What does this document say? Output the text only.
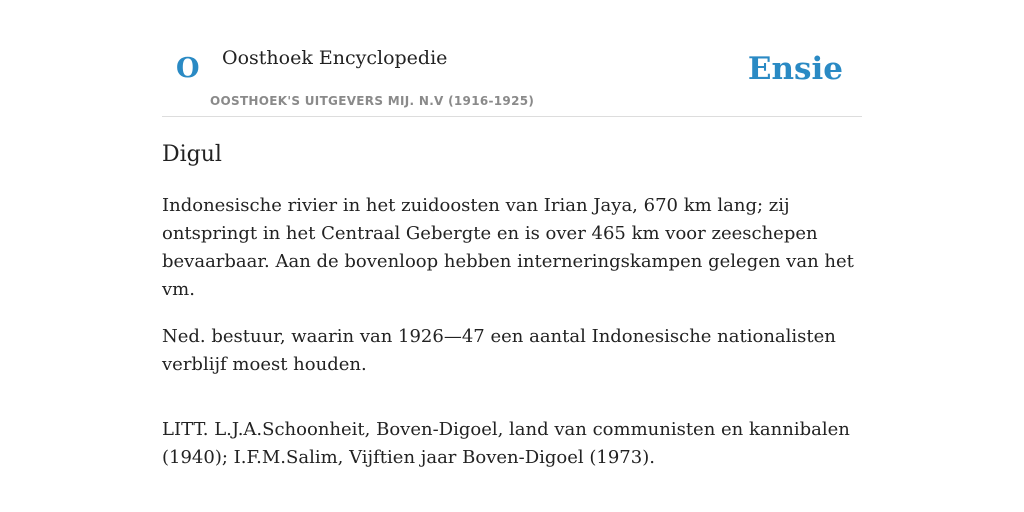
O Oosthoek Encyclopedie
OOSTHOEK'S UITGEVERS MIJ. N.V (1916-1925)
Ensie
Digul

Indonesische rivier in het zuidoosten van Irian Jaya, 670 km lang; zij ontspringt in het Centraal Gebergte en is over 465 km voor zeeschepen bevaarbaar. Aan de bovenloop hebben interneringskampen gelegen van het vm.

Ned. bestuur, waarin van 1926—47 een aantal Indonesische nationalisten verblijf moest houden.

LITT. L.J.A.Schoonheit, Boven-Digoel, land van communisten en kannibalen (1940); I.F.M.Salim, Vijftien jaar Boven-Digoel (1973).
